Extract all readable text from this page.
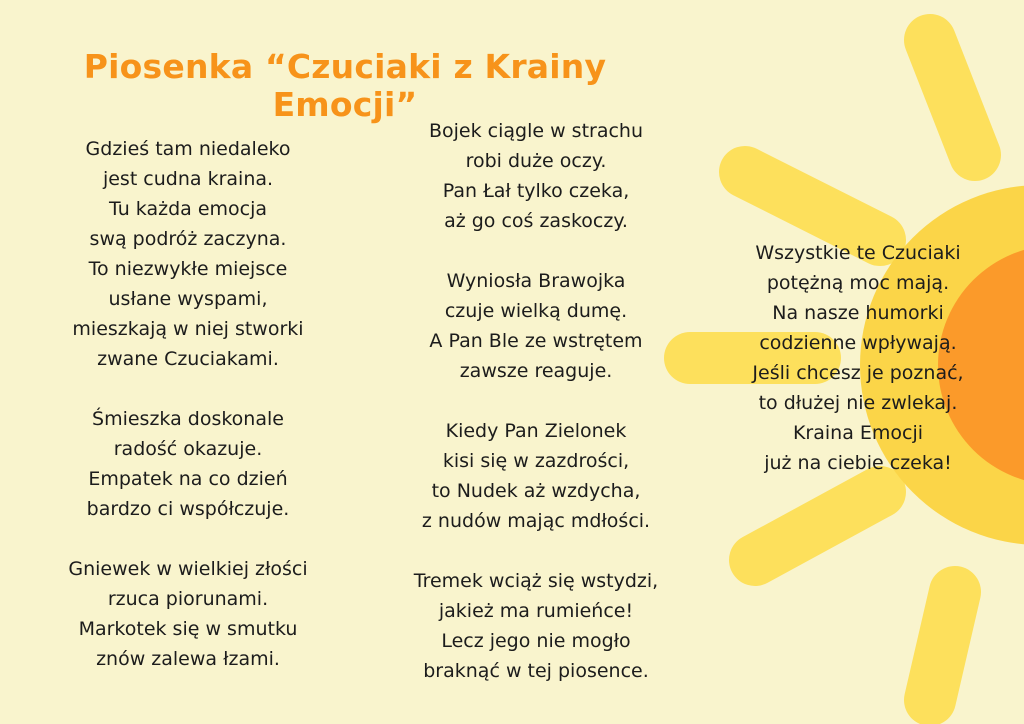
Piosenka “Czuciaki z Krainy
Emocji”
Gdzieś tam niedaleko
jest cudna kraina.
Tu każda emocja
swą podróż zaczyna.
To niezwykłe miejsce
usłane wyspami,
mieszkają w niej stworki
zwane Czuciakami.
Śmieszka doskonale
radość okazuje.
Empatek na co dzień
bardzo ci współczuje.
Gniewek w wielkiej złości
rzuca piorunami.
Markotek się w smutku
znów zalewa łzami.
Bojek ciągle w strachu
robi duże oczy.
Pan Łał tylko czeka,
aż go coś zaskoczy.
Wyniosła Brawojka
czuje wielką dumę.
A Pan Ble ze wstrętem
zawsze reaguje.
Kiedy Pan Zielonek
kisi się w zazdrości,
to Nudek aż wzdycha,
z nudów mając mdłości.
Tremek wciąż się wstydzi,
jakież ma rumieńce!
Lecz jego nie mogło
braknąć w tej piosence.
Wszystkie te Czuciaki
potężną moc mają.
Na nasze humorki
codzienne wpływają.
Jeśli chcesz je poznać,
to dłużej nie zwlekaj.
Kraina Emocji
już na ciebie czeka!
